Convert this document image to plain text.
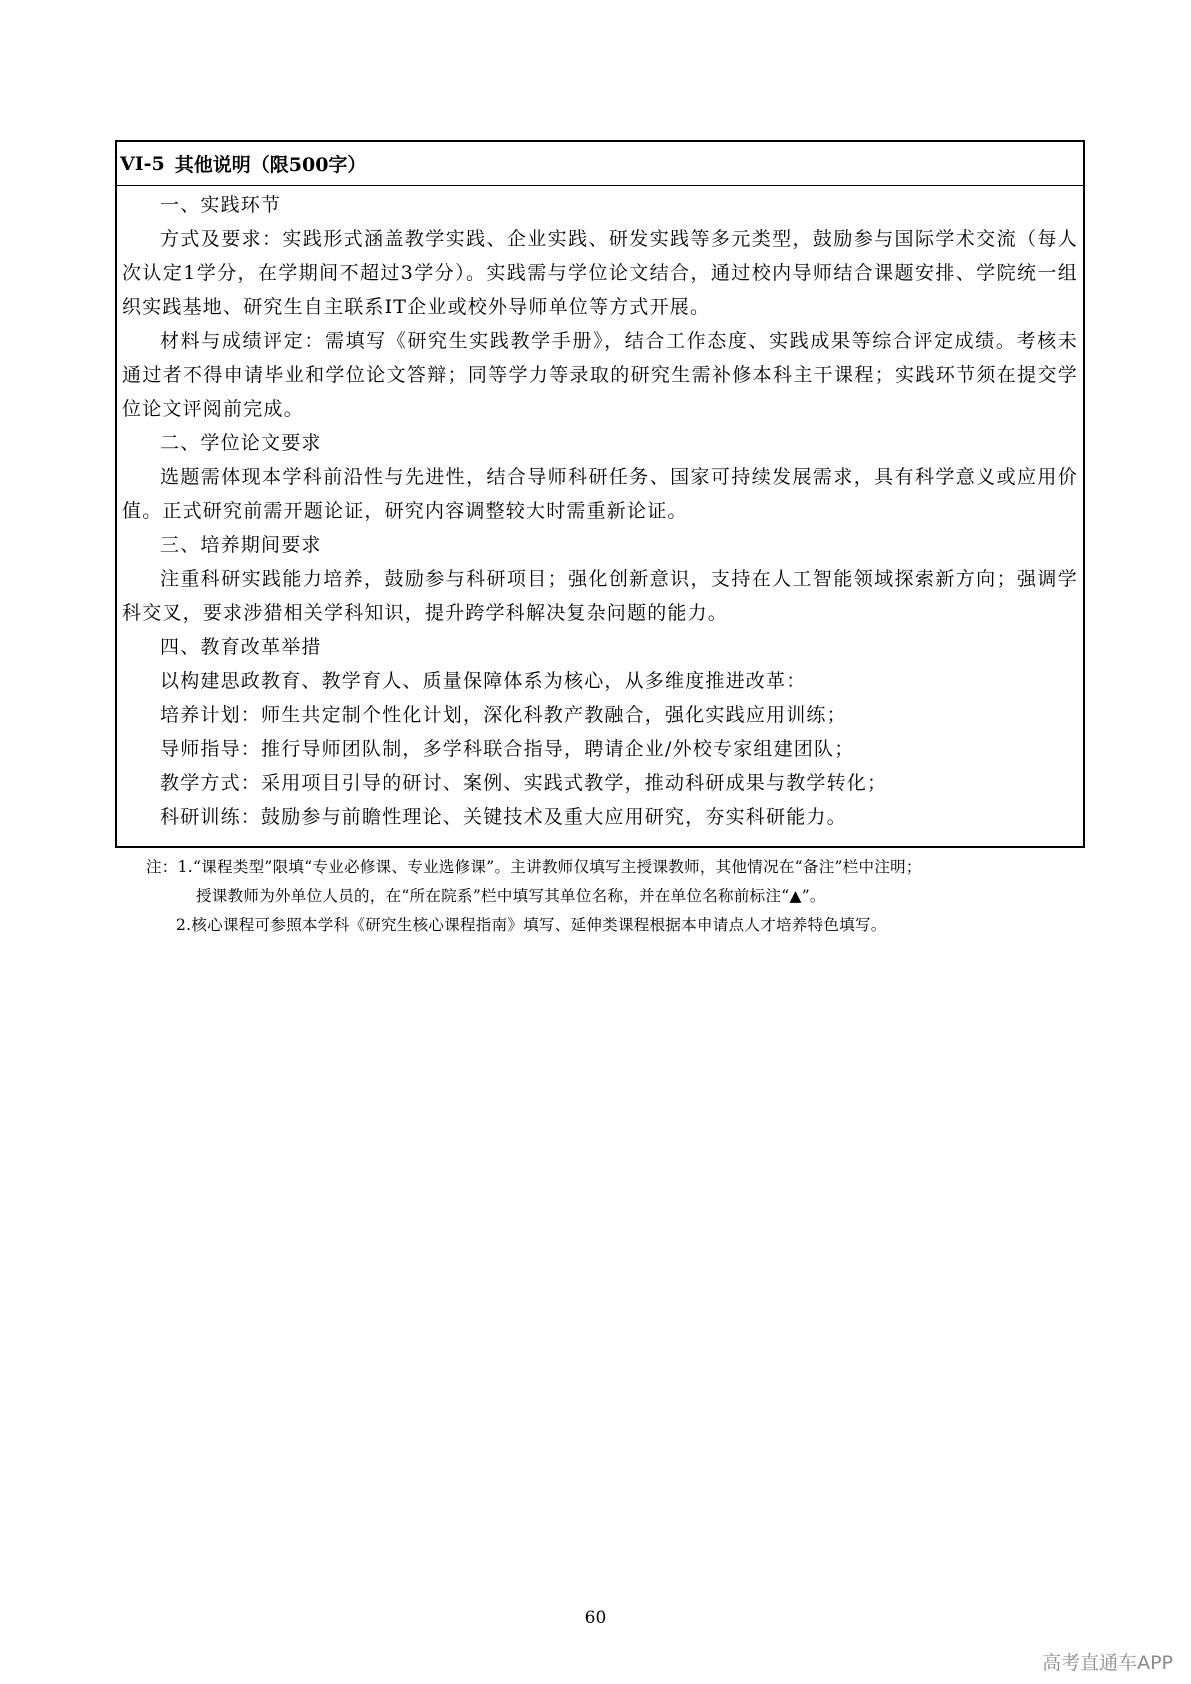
VI-5 其他说明（限500字）

一、实践环节

方式及要求：实践形式涵盖教学实践、企业实践、研发实践等多元类型，鼓励参与国际学术交流（每人次认定1学分，在学期间不超过3学分）。实践需与学位论文结合，通过校内导师结合课题安排、学院统一组织实践基地、研究生自主联系IT企业或校外导师单位等方式开展。

材料与成绩评定：需填写《研究生实践教学手册》，结合工作态度、实践成果等综合评定成绩。考核未通过者不得申请毕业和学位论文答辩；同等学力等录取的研究生需补修本科主干课程；实践环节须在提交学位论文评阅前完成。

二、学位论文要求

选题需体现本学科前沿性与先进性，结合导师科研任务、国家可持续发展需求，具有科学意义或应用价值。正式研究前需开题论证，研究内容调整较大时需重新论证。

三、培养期间要求

注重科研实践能力培养，鼓励参与科研项目；强化创新意识，支持在人工智能领域探索新方向；强调学科交叉，要求涉猎相关学科知识，提升跨学科解决复杂问题的能力。

四、教育改革举措

以构建思政教育、教学育人、质量保障体系为核心，从多维度推进改革：

培养计划：师生共定制个性化计划，深化科教产教融合，强化实践应用训练；

导师指导：推行导师团队制，多学科联合指导，聘请企业/外校专家组建团队；

教学方式：采用项目引导的研讨、案例、实践式教学，推动科研成果与教学转化；

科研训练：鼓励参与前瞻性理论、关键技术及重大应用研究，夯实科研能力。

注：1.“课程类型”限填“专业必修课、专业选修课”。主讲教师仅填写主授课教师，其他情况在“备注”栏中注明；

授课教师为外单位人员的，在“所在院系”栏中填写其单位名称，并在单位名称前标注“▲”。

2.核心课程可参照本学科《研究生核心课程指南》填写、延伸类课程根据本申请点人才培养特色填写。

60
高考直通车APP
